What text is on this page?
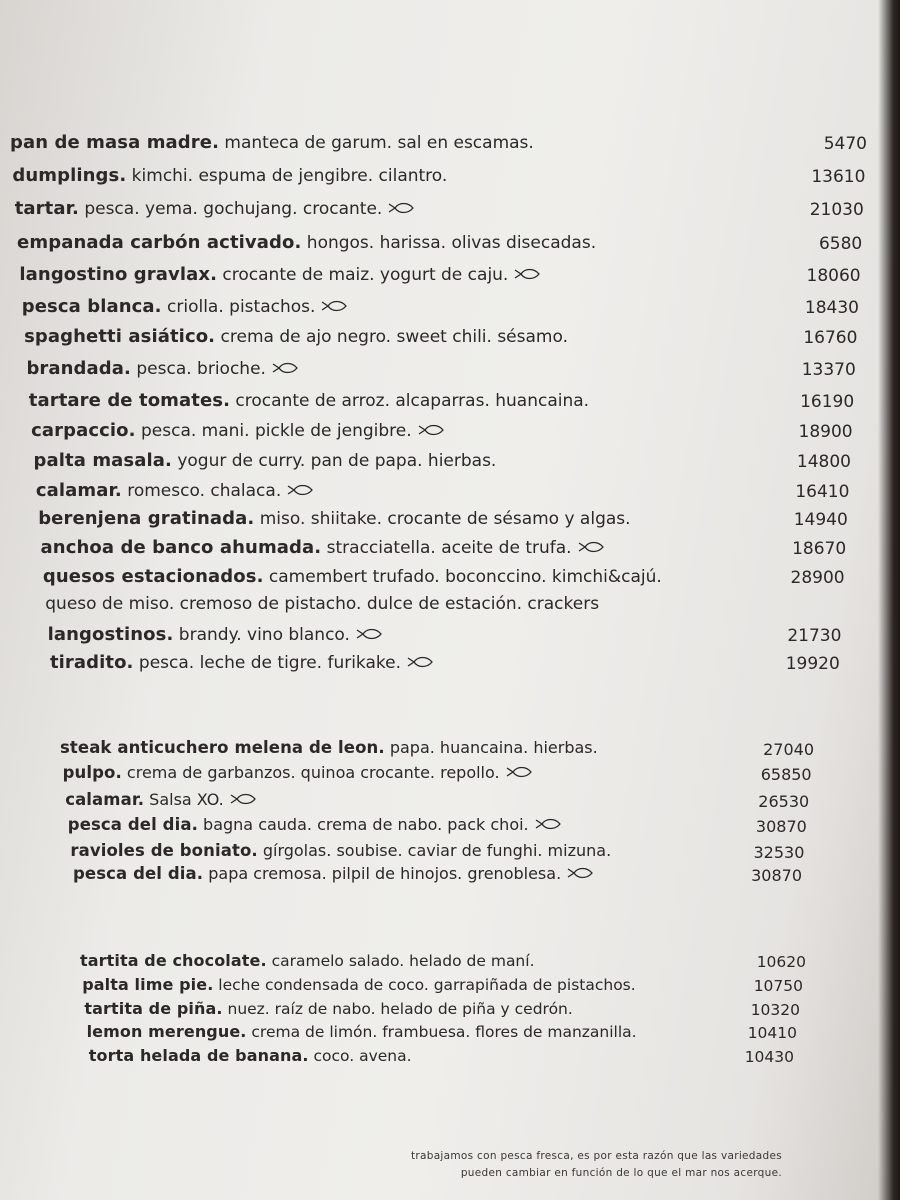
pan de masa madre. manteca de garum. sal en escamas.	5470
dumplings. kimchi. espuma de jengibre. cilantro.	13610
tartar. pesca. yema. gochujang. crocante.	21030
empanada carbón activado. hongos. harissa. olivas disecadas.	6580
langostino gravlax. crocante de maiz. yogurt de caju.	18060
pesca blanca. criolla. pistachos.	18430
spaghetti asiático. crema de ajo negro. sweet chili. sésamo.	16760
brandada. pesca. brioche.	13370
tartare de tomates. crocante de arroz. alcaparras. huancaina.	16190
carpaccio. pesca. mani. pickle de jengibre.	18900
palta masala. yogur de curry. pan de papa. hierbas.	14800
calamar. romesco. chalaca.	16410
berenjena gratinada. miso. shiitake. crocante de sésamo y algas.	14940
anchoa de banco ahumada. stracciatella. aceite de trufa.	18670
quesos estacionados. camembert trufado. boconccino. kimchi&cajú.	28900
queso de miso. cremoso de pistacho. dulce de estación. crackers
langostinos. brandy. vino blanco.	21730
tiradito. pesca. leche de tigre. furikake.	19920
steak anticuchero melena de leon. papa. huancaina. hierbas.	27040
pulpo. crema de garbanzos. quinoa crocante. repollo.	65850
calamar. Salsa XO.	26530
pesca del dia. bagna cauda. crema de nabo. pack choi.	30870
ravioles de boniato. gírgolas. soubise. caviar de funghi. mizuna.	32530
pesca del dia. papa cremosa. pilpil de hinojos. grenoblesa.	30870
tartita de chocolate. caramelo salado. helado de maní.	10620
palta lime pie. leche condensada de coco. garrapiñada de pistachos.	10750
tartita de piña. nuez. raíz de nabo. helado de piña y cedrón.	10320
lemon merengue. crema de limón. frambuesa. flores de manzanilla.	10410
torta helada de banana. coco. avena.	10430
trabajamos con pesca fresca, es por esta razón que las variedades
pueden cambiar en función de lo que el mar nos acerque.
